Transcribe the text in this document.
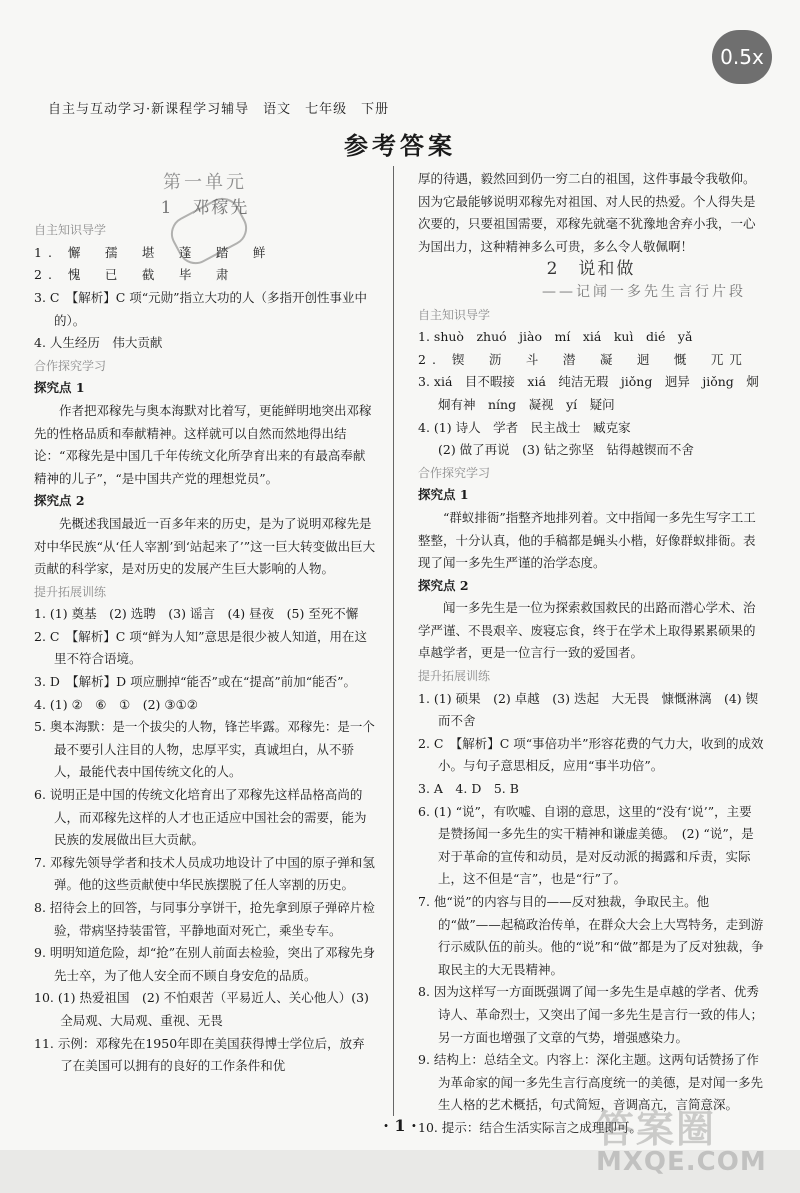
0.5x
自主与互动学习·新课程学习辅导　语文　七年级　下册
参考答案
第一单元
1　邓稼先
自主知识导学

1. 懈　孺　堪　蓬　踏　鲜

2. 愧　已　截　毕　肃

3. C　【解析】C 项“元勋”指立大功的人（多指开创性事业中的）。

4. 人生经历　伟大贡献

合作探究学习
探究点 1

作者把邓稼先与奥本海默对比着写，更能鲜明地突出邓稼先的性格品质和奉献精神。这样就可以自然而然地得出结论：“邓稼先是中国几千年传统文化所孕育出来的有最高奉献精神的儿子”，“是中国共产党的理想党员”。

探究点 2

先概述我国最近一百多年来的历史，是为了说明邓稼先是对中华民族“从‘任人宰割’到‘站起来了’”这一巨大转变做出巨大贡献的科学家，是对历史的发展产生巨大影响的人物。

提升拓展训练

1. (1) 奠基　(2) 选聘　(3) 谣言　(4) 昼夜　(5) 至死不懈

2. C　【解析】C 项“鲜为人知”意思是很少被人知道，用在这里不符合语境。

3. D　【解析】D 项应删掉“能否”或在“提高”前加“能否”。

4. (1) ②　⑥　①　(2) ③①②

5. 奥本海默：是一个拔尖的人物，锋芒毕露。邓稼先：是一个最不要引人注目的人物，忠厚平实，真诚坦白，从不骄人，最能代表中国传统文化的人。

6. 说明正是中国的传统文化培育出了邓稼先这样品格高尚的人，而邓稼先这样的人才也正适应中国社会的需要，能为民族的发展做出巨大贡献。

7. 邓稼先领导学者和技术人员成功地设计了中国的原子弹和氢弹。他的这些贡献使中华民族摆脱了任人宰割的历史。

8. 招待会上的回答，与同事分享饼干，抢先拿到原子弹碎片检验，带病坚持装雷管，平静地面对死亡，乘坐专车。

9. 明明知道危险，却“抢”在别人前面去检验，突出了邓稼先身先士卒，为了他人安全而不顾自身安危的品质。

10. (1) 热爱祖国　(2) 不怕艰苦（平易近人、关心他人）(3) 全局观、大局观、重视、无畏

11. 示例：邓稼先在1950年即在美国获得博士学位后，放弃了在美国可以拥有的良好的工作条件和优

厚的待遇，毅然回到仍一穷二白的祖国，这件事最令我敬仰。因为它最能够说明邓稼先对祖国、对人民的热爱。个人得失是次要的，只要祖国需要，邓稼先就毫不犹豫地舍弃小我，一心为国出力，这种精神多么可贵，多么令人敬佩啊！

2　说和做
——记闻一多先生言行片段
自主知识导学

1. shuò　zhuó　jiào　mí　xiá　kuì　dié　yǎ

2. 锲　沥　斗　潜　凝　迥　慨　兀兀

3. xiá　目不暇接　xiá　纯洁无瑕　jiǒng　迥异　jiǒng　炯炯有神　níng　凝视　yí　疑问

4. (1) 诗人　学者　民主战士　臧克家

(2) 做了再说　(3) 钻之弥坚　钻得越锲而不舍

合作探究学习
探究点 1

“群蚁排衙”指整齐地排列着。文中指闻一多先生写字工工整整，十分认真，他的手稿都是蝇头小楷，好像群蚁排衙。表现了闻一多先生严谨的治学态度。

探究点 2

闻一多先生是一位为探索救国救民的出路而潜心学术、治学严谨、不畏艰辛、废寝忘食，终于在学术上取得累累硕果的卓越学者，更是一位言行一致的爱国者。

提升拓展训练

1. (1) 硕果　(2) 卓越　(3) 迭起　大无畏　慷慨淋漓　(4) 锲而不舍

2. C　【解析】C 项“事倍功半”形容花费的气力大，收到的成效小。与句子意思相反，应用“事半功倍”。

3. A　4. D　5. B

6. (1) “说”，有吹嘘、自诩的意思，这里的“没有‘说’”，主要是赞扬闻一多先生的实干精神和谦虚美德。　(2) “说”，是对于革命的宣传和动员，是对反动派的揭露和斥责，实际上，这不但是“言”，也是“行”了。

7. 他“说”的内容与目的——反对独裁，争取民主。他的“做”——起稿政治传单，在群众大会上大骂特务，走到游行示威队伍的前头。他的“说”和“做”都是为了反对独裁，争取民主的大无畏精神。

8. 因为这样写一方面既强调了闻一多先生是卓越的学者、优秀诗人、革命烈士，又突出了闻一多先生是言行一致的伟人；另一方面也增强了文章的气势，增强感染力。

9. 结构上：总结全文。内容上：深化主题。这两句话赞扬了作为革命家的闻一多先生言行高度统一的美德，是对闻一多先生人格的艺术概括，句式简短，音调高亢，言简意深。

10. 提示：结合生活实际言之成理即可。

· 1 ·	答案圈
MXQE.COM
